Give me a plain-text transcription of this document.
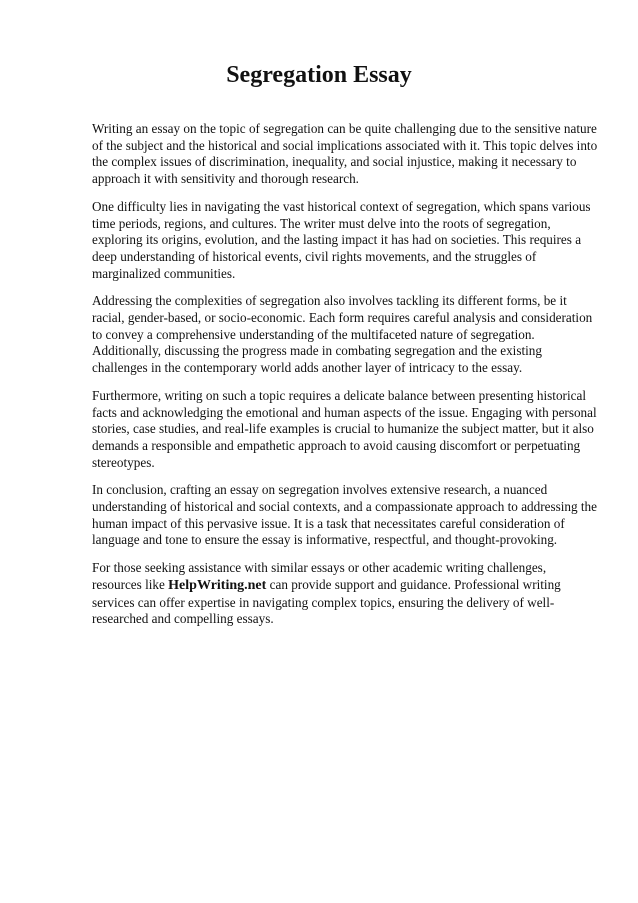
Segregation Essay

Writing an essay on the topic of segregation can be quite challenging due to the sensitive nature of the subject and the historical and social implications associated with it. This topic delves into the complex issues of discrimination, inequality, and social injustice, making it necessary to approach it with sensitivity and thorough research.

One difficulty lies in navigating the vast historical context of segregation, which spans various time periods, regions, and cultures. The writer must delve into the roots of segregation, exploring its origins, evolution, and the lasting impact it has had on societies. This requires a deep understanding of historical events, civil rights movements, and the struggles of marginalized communities.

Addressing the complexities of segregation also involves tackling its different forms, be it racial, gender-based, or socio-economic. Each form requires careful analysis and consideration to convey a comprehensive understanding of the multifaceted nature of segregation. Additionally, discussing the progress made in combating segregation and the existing challenges in the contemporary world adds another layer of intricacy to the essay.

Furthermore, writing on such a topic requires a delicate balance between presenting historical facts and acknowledging the emotional and human aspects of the issue. Engaging with personal stories, case studies, and real-life examples is crucial to humanize the subject matter, but it also demands a responsible and empathetic approach to avoid causing discomfort or perpetuating stereotypes.

In conclusion, crafting an essay on segregation involves extensive research, a nuanced understanding of historical and social contexts, and a compassionate approach to addressing the human impact of this pervasive issue. It is a task that necessitates careful consideration of language and tone to ensure the essay is informative, respectful, and thought-provoking.

For those seeking assistance with similar essays or other academic writing challenges, resources like HelpWriting.net can provide support and guidance. Professional writing services can offer expertise in navigating complex topics, ensuring the delivery of well-researched and compelling essays.
